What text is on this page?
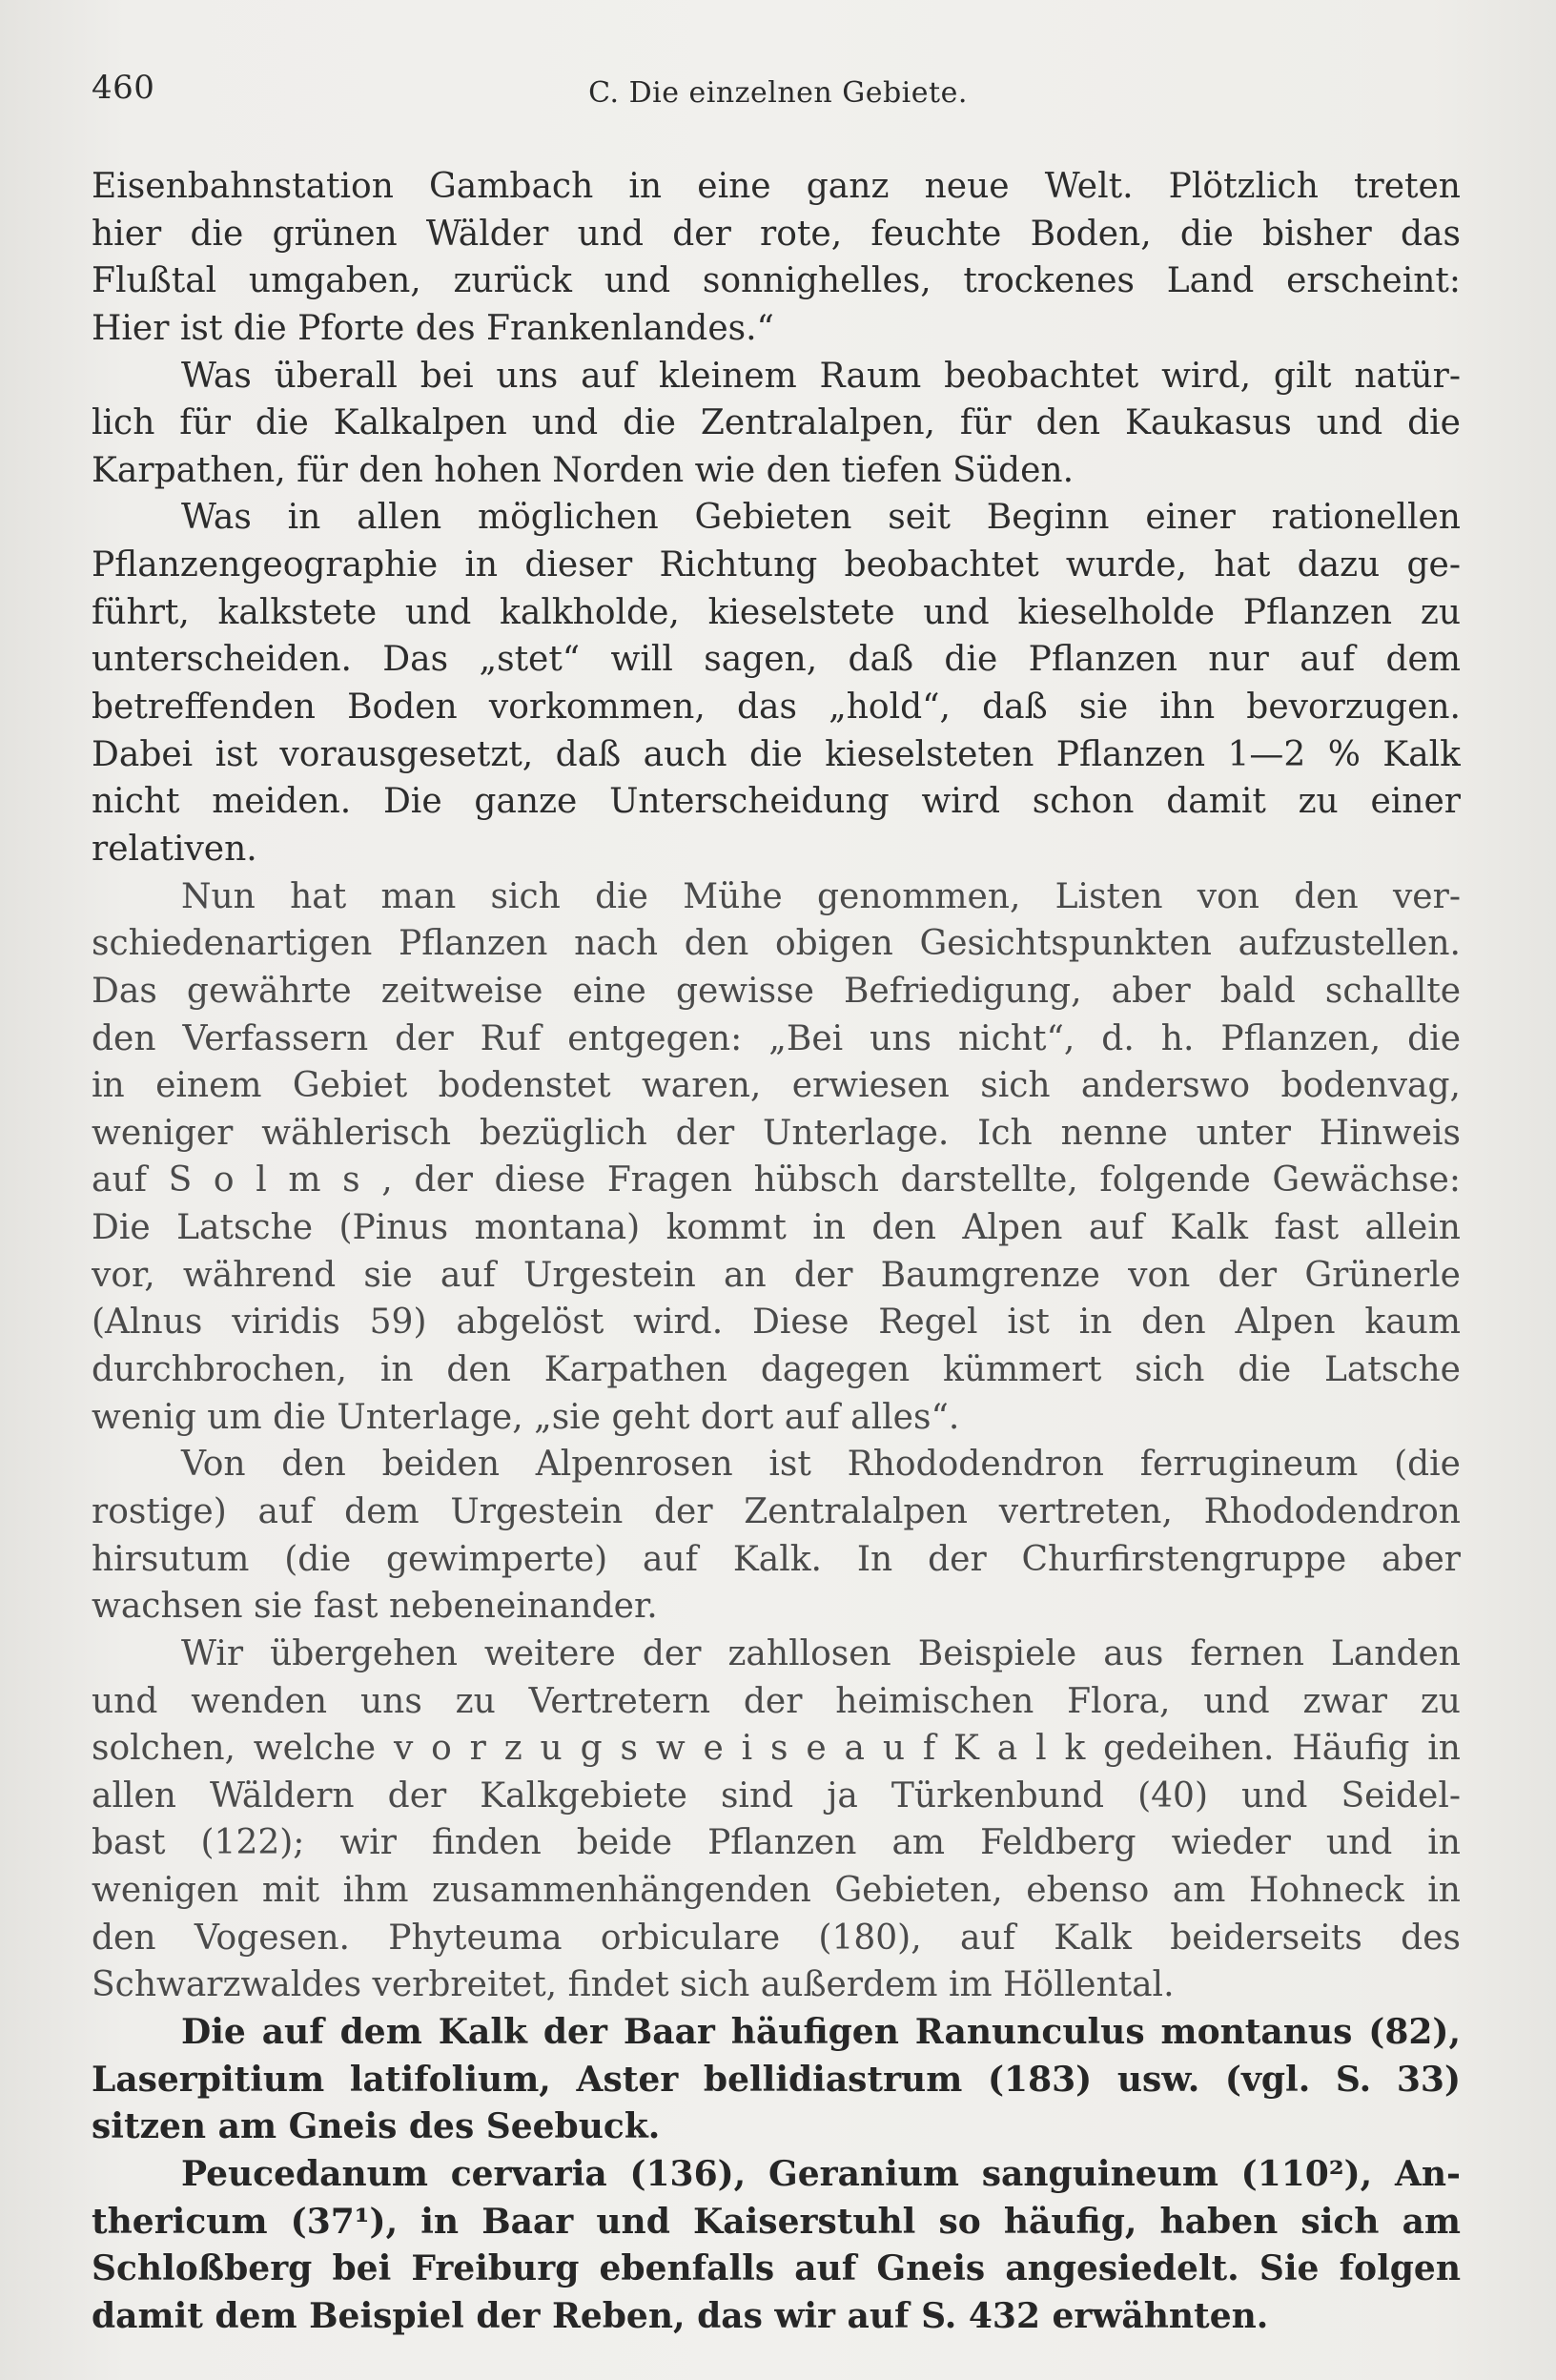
460	C. Die einzelnen Gebiete.
Eisenbahnstation Gambach in eine ganz neue Welt. Plötzlich treten
hier die grünen Wälder und der rote, feuchte Boden, die bisher das
Flußtal umgaben, zurück und sonnighelles, trockenes Land erscheint:
Hier ist die Pforte des Frankenlandes.“
Was überall bei uns auf kleinem Raum beobachtet wird, gilt natür-
lich für die Kalkalpen und die Zentralalpen, für den Kaukasus und die
Karpathen, für den hohen Norden wie den tiefen Süden.
Was in allen möglichen Gebieten seit Beginn einer rationellen
Pflanzengeographie in dieser Richtung beobachtet wurde, hat dazu ge-
führt, kalkstete und kalkholde, kieselstete und kieselholde Pflanzen zu
unterscheiden. Das „stet“ will sagen, daß die Pflanzen nur auf dem
betreffenden Boden vorkommen, das „hold“, daß sie ihn bevorzugen.
Dabei ist vorausgesetzt, daß auch die kieselsteten Pflanzen 1—2 % Kalk
nicht meiden. Die ganze Unterscheidung wird schon damit zu einer
relativen.
Nun hat man sich die Mühe genommen, Listen von den ver-
schiedenartigen Pflanzen nach den obigen Gesichtspunkten aufzustellen.
Das gewährte zeitweise eine gewisse Befriedigung, aber bald schallte
den Verfassern der Ruf entgegen: „Bei uns nicht“, d. h. Pflanzen, die
in einem Gebiet bodenstet waren, erwiesen sich anderswo bodenvag,
weniger wählerisch bezüglich der Unterlage. Ich nenne unter Hinweis
auf S o l m s , der diese Fragen hübsch darstellte, folgende Gewächse:
Die Latsche (Pinus montana) kommt in den Alpen auf Kalk fast allein
vor, während sie auf Urgestein an der Baumgrenze von der Grünerle
(Alnus viridis 59) abgelöst wird. Diese Regel ist in den Alpen kaum
durchbrochen, in den Karpathen dagegen kümmert sich die Latsche
wenig um die Unterlage, „sie geht dort auf alles“.
Von den beiden Alpenrosen ist Rhododendron ferrugineum (die
rostige) auf dem Urgestein der Zentralalpen vertreten, Rhododendron
hirsutum (die gewimperte) auf Kalk. In der Churfirstengruppe aber
wachsen sie fast nebeneinander.
Wir übergehen weitere der zahllosen Beispiele aus fernen Landen
und wenden uns zu Vertretern der heimischen Flora, und zwar zu
solchen, welche v o r z u g s w e i s e a u f K a l k gedeihen. Häufig in
allen Wäldern der Kalkgebiete sind ja Türkenbund (40) und Seidel-
bast (122); wir finden beide Pflanzen am Feldberg wieder und in
wenigen mit ihm zusammenhängenden Gebieten, ebenso am Hohneck in
den Vogesen. Phyteuma orbiculare (180), auf Kalk beiderseits des
Schwarzwaldes verbreitet, findet sich außerdem im Höllental.
Die auf dem Kalk der Baar häufigen Ranunculus montanus (82),
Laserpitium latifolium, Aster bellidiastrum (183) usw. (vgl. S. 33)
sitzen am Gneis des Seebuck.
Peucedanum cervaria (136), Geranium sanguineum (110²), An-
thericum (37¹), in Baar und Kaiserstuhl so häufig, haben sich am
Schloßberg bei Freiburg ebenfalls auf Gneis angesiedelt. Sie folgen
damit dem Beispiel der Reben, das wir auf S. 432 erwähnten.
